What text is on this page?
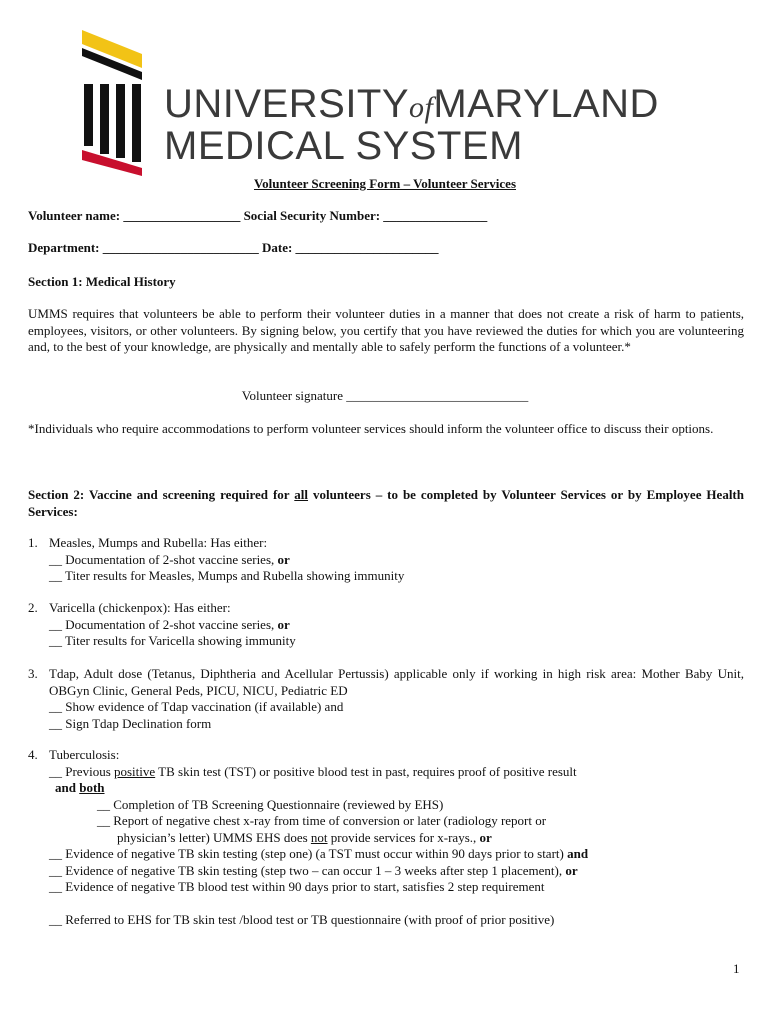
UNIVERSITYofMARYLAND
MEDICAL SYSTEM
Volunteer Screening Form – Volunteer Services
Volunteer name: __________________ Social Security Number: ________________
Department: ________________________ Date: ______________________
Section 1: Medical History
UMMS requires that volunteers be able to perform their volunteer duties in a manner that does not create a risk of harm to patients, employees, visitors, or other volunteers. By signing below, you certify that you have reviewed the duties for which you are volunteering and, to the best of your knowledge, are physically and mentally able to safely perform the functions of a volunteer.*
Volunteer signature ____________________________
*Individuals who require accommodations to perform volunteer services should inform the volunteer office to discuss their options.
Section 2: Vaccine and screening required for all volunteers – to be completed by Volunteer Services or by Employee Health Services:
1. Measles, Mumps and Rubella: Has either:
__ Documentation of 2-shot vaccine series, or
__ Titer results for Measles, Mumps and Rubella showing immunity
2. Varicella (chickenpox): Has either:
__ Documentation of 2-shot vaccine series, or
__ Titer results for Varicella showing immunity
3. Tdap, Adult dose (Tetanus, Diphtheria and Acellular Pertussis) applicable only if working in high risk area: Mother Baby Unit, OBGyn Clinic, General Peds, PICU, NICU, Pediatric ED
__ Show evidence of Tdap vaccination (if available) and
__ Sign Tdap Declination form
4. Tuberculosis:
__ Previous positive TB skin test (TST) or positive blood test in past, requires proof of positive result
and both
__ Completion of TB Screening Questionnaire (reviewed by EHS)
__ Report of negative chest x-ray from time of conversion or later (radiology report or
physician’s letter) UMMS EHS does not provide services for x-rays., or
__ Evidence of negative TB skin testing (step one) (a TST must occur within 90 days prior to start) and
__ Evidence of negative TB skin testing (step two – can occur 1 – 3 weeks after step 1 placement), or
__ Evidence of negative TB blood test within 90 days prior to start, satisfies 2 step requirement
__ Referred to EHS for TB skin test /blood test or TB questionnaire (with proof of prior positive)
1
